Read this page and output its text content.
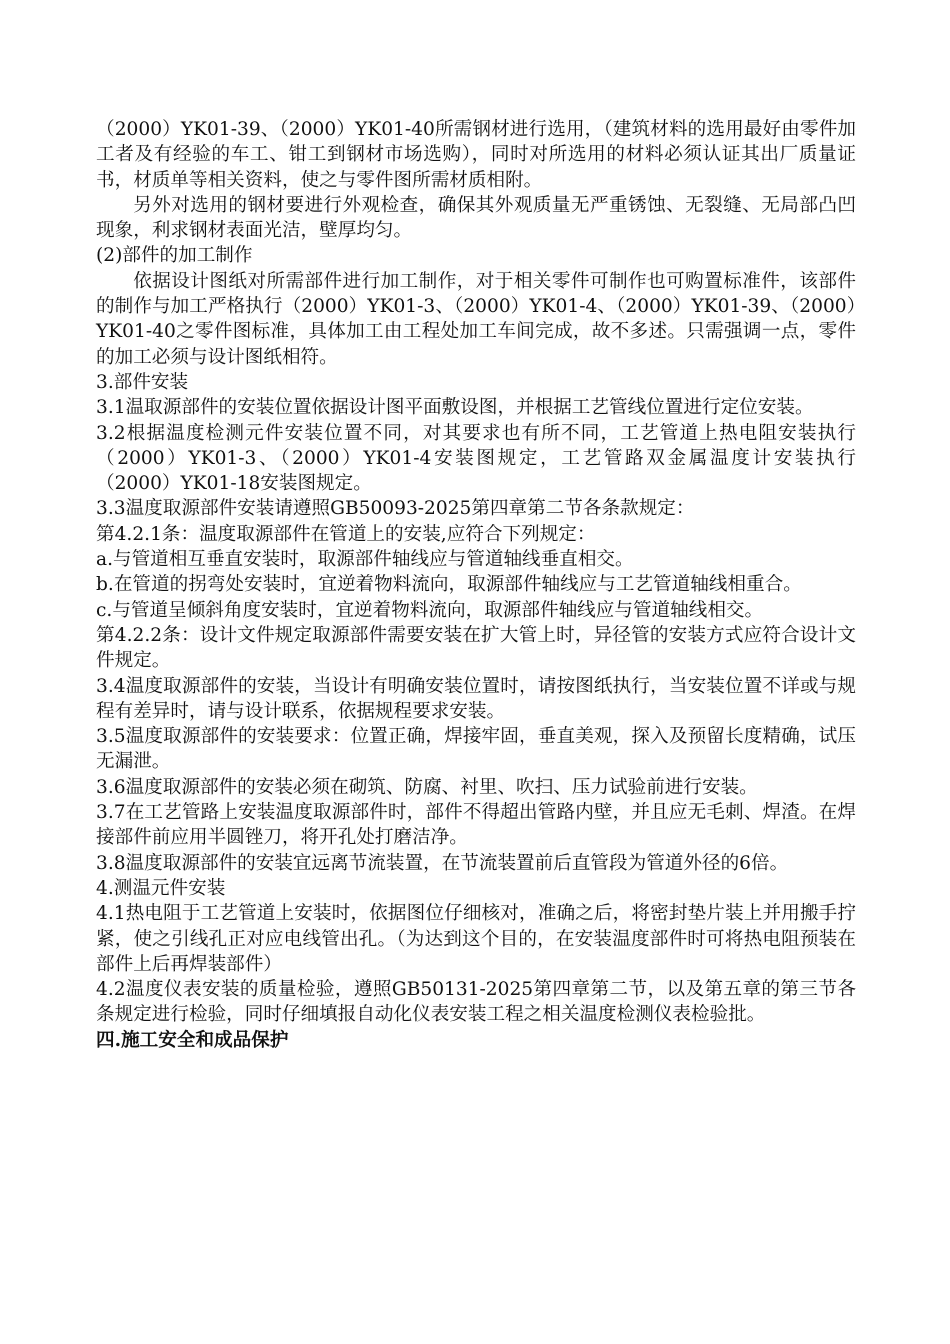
（2000）YK01-39、（2000）YK01-40所需钢材进行选用，（建筑材料的选用最好由零件加工者及有经验的车工、钳工到钢材市场选购），同时对所选用的材料必须认证其出厂质量证书，材质单等相关资料，使之与零件图所需材质相附。

另外对选用的钢材要进行外观检查，确保其外观质量无严重锈蚀、无裂缝、无局部凸凹现象，利求钢材表面光洁，壁厚均匀。

(2)部件的加工制作

依据设计图纸对所需部件进行加工制作，对于相关零件可制作也可购置标准件，该部件的制作与加工严格执行（2000）YK01-3、（2000）YK01-4、（2000）YK01-39、（2000）YK01-40之零件图标准，具体加工由工程处加工车间完成，故不多述。只需强调一点，零件的加工必须与设计图纸相符。

3.部件安装

3.1温取源部件的安装位置依据设计图平面敷设图，并根据工艺管线位置进行定位安装。

3.2根据温度检测元件安装位置不同，对其要求也有所不同，工艺管道上热电阻安装执行（2000）YK01-3、（2000）YK01-4安装图规定，工艺管路双金属温度计安装执行（2000）YK01-18安装图规定。

3.3温度取源部件安装请遵照GB50093-2025第四章第二节各条款规定：

第4.2.1条：温度取源部件在管道上的安装,应符合下列规定：

a.与管道相互垂直安装时，取源部件轴线应与管道轴线垂直相交。

b.在管道的拐弯处安装时，宜逆着物料流向，取源部件轴线应与工艺管道轴线相重合。

c.与管道呈倾斜角度安装时，宜逆着物料流向，取源部件轴线应与管道轴线相交。

第4.2.2条：设计文件规定取源部件需要安装在扩大管上时，异径管的安装方式应符合设计文件规定。

3.4温度取源部件的安装，当设计有明确安装位置时，请按图纸执行，当安装位置不详或与规程有差异时，请与设计联系，依据规程要求安装。

3.5温度取源部件的安装要求：位置正确，焊接牢固，垂直美观，探入及预留长度精确，试压无漏泄。

3.6温度取源部件的安装必须在砌筑、防腐、衬里、吹扫、压力试验前进行安装。

3.7在工艺管路上安装温度取源部件时，部件不得超出管路内壁，并且应无毛刺、焊渣。在焊接部件前应用半圆锉刀，将开孔处打磨洁净。

3.8温度取源部件的安装宜远离节流装置，在节流装置前后直管段为管道外径的6倍。

4.测温元件安装

4.1热电阻于工艺管道上安装时，依据图位仔细核对，准确之后，将密封垫片装上并用搬手拧紧，使之引线孔正对应电线管出孔。（为达到这个目的，在安装温度部件时可将热电阻预装在部件上后再焊装部件）

4.2温度仪表安装的质量检验，遵照GB50131-2025第四章第二节，以及第五章的第三节各条规定进行检验，同时仔细填报自动化仪表安装工程之相关温度检测仪表检验批。

四.施工安全和成品保护
